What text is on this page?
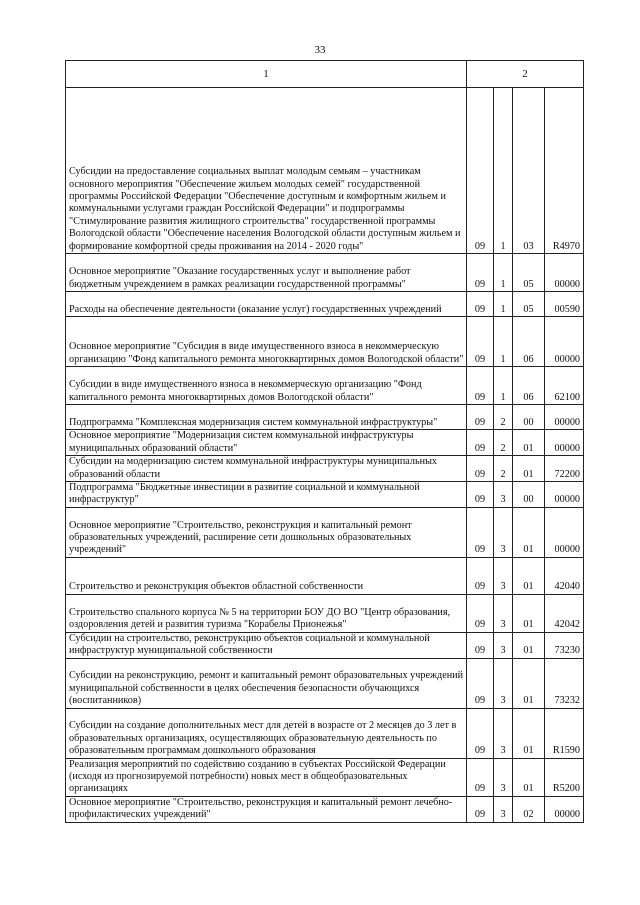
33
1	2			
Субсидии на предоставление социальных выплат молодым семьям – участникам основного мероприятия "Обеспечение жильем молодых семей" государственной программы Российской Федерации "Обеспечение доступным и комфортным жильем и коммунальными услугами граждан Российской Федерации" и подпрограммы "Стимулирование развития жилищного строительства" государственной программы Вологодской области "Обеспечение населения Вологодской области доступным жильем и формирование комфортной среды проживания на 2014 - 2020 годы"	09	1	03	R4970
Основное мероприятие "Оказание государственных услуг и выполнение работ бюджетным учреждением в рамках реализации государственной программы"	09	1	05	00000
Расходы на обеспечение деятельности (оказание услуг) государственных учреждений	09	1	05	00590
Основное мероприятие "Субсидия в виде имущественного взноса в некоммерческую организацию "Фонд капитального ремонта многоквартирных домов Вологодской области"	09	1	06	00000
Субсидии в виде имущественного взноса в некоммерческую организацию "Фонд капитального ремонта многоквартирных домов Вологодской области"	09	1	06	62100
Подпрограмма "Комплексная модернизация систем коммунальной инфраструктуры"	09	2	00	00000
Основное мероприятие "Модернизация систем коммунальной инфраструктуры муниципальных образований области"	09	2	01	00000
Субсидии на модернизацию систем коммунальной инфраструктуры муниципальных образований области	09	2	01	72200
Подпрограмма "Бюджетные инвестиции в развитие социальной и коммунальной инфраструктур"	09	3	00	00000
Основное мероприятие "Строительство, реконструкция и капитальный ремонт образовательных учреждений, расширение сети дошкольных образовательных учреждений"	09	3	01	00000
Строительство и реконструкция объектов областной собственности	09	3	01	42040
Строительство спального корпуса № 5 на территории БОУ ДО ВО "Центр образования, оздоровления детей и развития туризма "Корабелы Прионежья"	09	3	01	42042
Субсидии на строительство, реконструкцию объектов социальной и коммунальной инфраструктур муниципальной собственности	09	3	01	73230
Субсидии на реконструкцию, ремонт и капитальный ремонт образовательных учреждений муниципальной собственности в целях обеспечения безопасности обучающихся (воспитанников)	09	3	01	73232
Субсидии на создание дополнительных мест для детей в возрасте от 2 месяцев до 3 лет в образовательных организациях, осуществляющих образовательную деятельность по образовательным программам дошкольного образования	09	3	01	R1590
Реализация мероприятий по содействию созданию в субъектах Российской Федерации (исходя из прогнозируемой потребности) новых мест в общеобразовательных организациях	09	3	01	R5200
Основное мероприятие "Строительство, реконструкция и капитальный ремонт лечебно-профилактических учреждений"	09	3	02	00000
